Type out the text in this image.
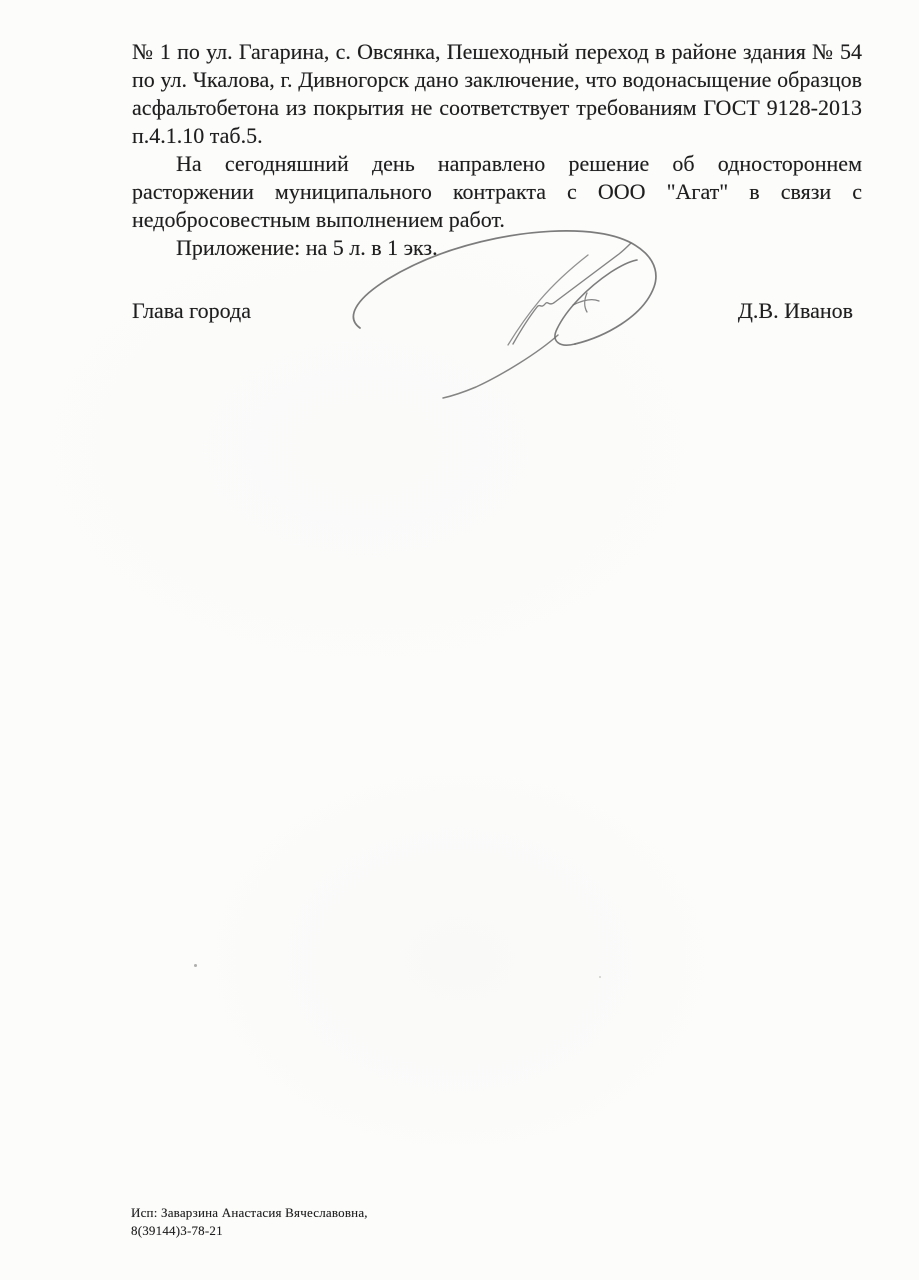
№ 1 по ул. Гагарина, с. Овсянка, Пешеходный переход в районе здания № 54
по ул. Чкалова, г. Дивногорск дано заключение, что водонасыщение образцов
асфальтобетона из покрытия не соответствует требованиям ГОСТ 9128-2013
п.4.1.10 таб.5.
На сегодняшний день направлено решение об одностороннем
расторжении муниципального контракта с ООО "Агат" в связи с
недобросовестным выполнением работ.
Приложение: на 5 л. в 1 экз.
Глава города	Д.В. Иванов
Исп: Заварзина Анастасия Вячеславовна,
8(39144)3-78-21
